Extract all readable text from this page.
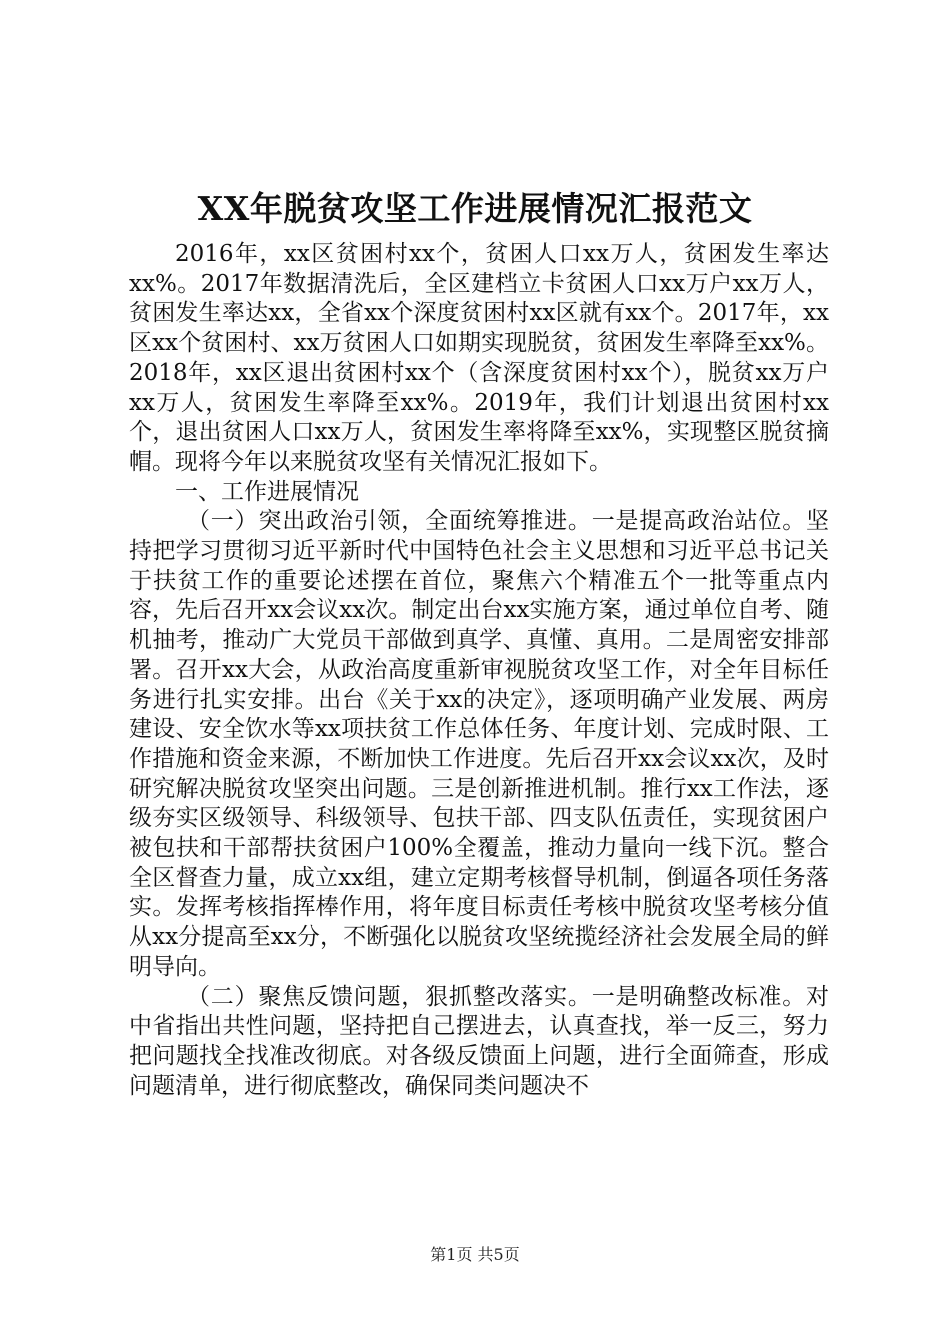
XX年脱贫攻坚工作进展情况汇报范文

2016年，xx区贫困村xx个，贫困人口xx万人，贫困发生率达xx%。2017年数据清洗后，全区建档立卡贫困人口xx万户xx万人，贫困发生率达xx，全省xx个深度贫困村xx区就有xx个。2017年，xx区xx个贫困村、xx万贫困人口如期实现脱贫，贫困发生率降至xx%。2018年，xx区退出贫困村xx个（含深度贫困村xx个），脱贫xx万户xx万人，贫困发生率降至xx%。2019年，我们计划退出贫困村xx个，退出贫困人口xx万人，贫困发生率将降至xx%，实现整区脱贫摘帽。现将今年以来脱贫攻坚有关情况汇报如下。

一、工作进展情况

（一）突出政治引领，全面统筹推进。一是提高政治站位。坚持把学习贯彻习近平新时代中国特色社会主义思想和习近平总书记关于扶贫工作的重要论述摆在首位，聚焦六个精准五个一批等重点内容，先后召开xx会议xx次。制定出台xx实施方案，通过单位自考、随机抽考，推动广大党员干部做到真学、真懂、真用。二是周密安排部署。召开xx大会，从政治高度重新审视脱贫攻坚工作，对全年目标任务进行扎实安排。出台《关于xx的决定》，逐项明确产业发展、两房建设、安全饮水等xx项扶贫工作总体任务、年度计划、完成时限、工作措施和资金来源，不断加快工作进度。先后召开xx会议xx次，及时研究解决脱贫攻坚突出问题。三是创新推进机制。推行xx工作法，逐级夯实区级领导、科级领导、包扶干部、四支队伍责任，实现贫困户被包扶和干部帮扶贫困户100%全覆盖，推动力量向一线下沉。整合全区督查力量，成立xx组，建立定期考核督导机制，倒逼各项任务落实。发挥考核指挥棒作用，将年度目标责任考核中脱贫攻坚考核分值从xx分提高至xx分，不断强化以脱贫攻坚统揽经济社会发展全局的鲜明导向。

（二）聚焦反馈问题，狠抓整改落实。一是明确整改标准。对中省指出共性问题，坚持把自己摆进去，认真查找，举一反三，努力把问题找全找准改彻底。对各级反馈面上问题，进行全面筛查，形成问题清单，进行彻底整改，确保同类问题决不

第1页 共5页
